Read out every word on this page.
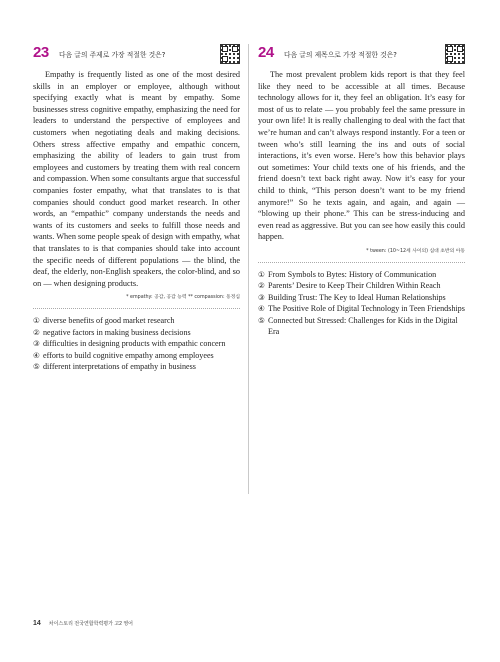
23 다음 글의 주제로 가장 적절한 것은?

Empathy is frequently listed as one of the most desired skills in an employer or employee, although without specifying exactly what is meant by empathy. Some businesses stress cognitive empathy, emphasizing the need for leaders to understand the perspective of employees and customers when negotiating deals and making decisions. Others stress affective empathy and empathic concern, emphasizing the ability of leaders to gain trust from employees and customers by treating them with real concern and compassion. When some consultants argue that successful companies foster empathy, what that translates to is that companies should conduct good market research. In other words, an “empathic” company understands the needs and wants of its customers and seeks to fulfill those needs and wants. When some people speak of design with empathy, what that translates to is that companies should take into account the specific needs of different populations — the blind, the deaf, the elderly, non-English speakers, the color-blind, and so on — when designing products.

* empathy: 공감, 공감 능력 ** compassion: 동정심
① diverse benefits of good market research
② negative factors in making business decisions
③ difficulties in designing products with empathic concern
④ efforts to build cognitive empathy among employees
⑤ different interpretations of empathy in business
24 다음 글의 제목으로 가장 적절한 것은?

The most prevalent problem kids report is that they feel like they need to be accessible at all times. Because technology allows for it, they feel an obligation. It’s easy for most of us to relate — you probably feel the same pressure in your own life! It is really challenging to deal with the fact that we’re human and can’t always respond instantly. For a teen or tween who’s still learning the ins and outs of social interactions, it’s even worse. Here’s how this behavior plays out sometimes: Your child texts one of his friends, and the friend doesn’t text back right away. Now it’s easy for your child to think, “This person doesn’t want to be my friend anymore!” So he texts again, and again, and again — “blowing up their phone.” This can be stress-inducing and even read as aggressive. But you can see how easily this could happen.

* tween: (10~12세 사이의) 십대 초반의 아동
① From Symbols to Bytes: History of Communication
② Parents’ Desire to Keep Their Children Within Reach
③ Building Trust: The Key to Ideal Human Relationships
④ The Positive Role of Digital Technology in Teen Friendships
⑤ Connected but Stressed: Challenges for Kids in the Digital Era
14 차이스토리 전국연합학력평가 고2 영어
